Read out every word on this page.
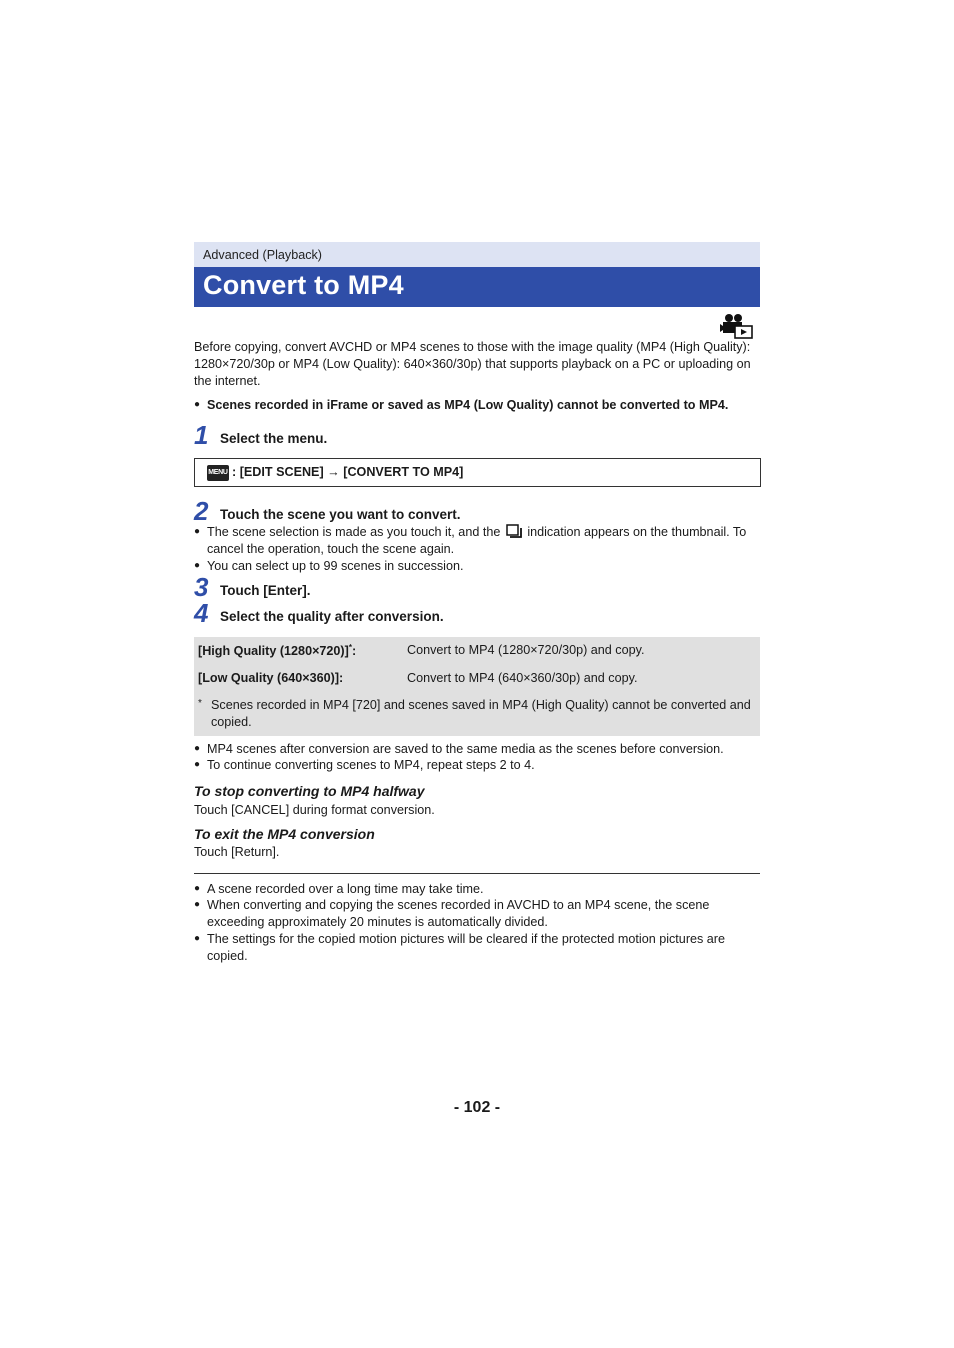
Advanced (Playback)
Convert to MP4
Before copying, convert AVCHD or MP4 scenes to those with the image quality (MP4 (High Quality): 1280×720/30p or MP4 (Low Quality): 640×360/30p) that supports playback on a PC or uploading on the internet.
● Scenes recorded in iFrame or saved as MP4 (Low Quality) cannot be converted to MP4.
1 Select the menu.
MENU : [EDIT SCENE] → [CONVERT TO MP4]
2 Touch the scene you want to convert.
● The scene selection is made as you touch it, and the indication appears on the thumbnail. To
cancel the operation, touch the scene again.
● You can select up to 99 scenes in succession.
3 Touch [Enter].
4 Select the quality after conversion.
[High Quality (1280×720)]*:	Convert to MP4 (1280×720/30p) and copy.
[Low Quality (640×360)]:	Convert to MP4 (640×360/30p) and copy.
* Scenes recorded in MP4 [720] and scenes saved in MP4 (High Quality) cannot be converted and copied.
● MP4 scenes after conversion are saved to the same media as the scenes before conversion.
● To continue converting scenes to MP4, repeat steps 2 to 4.
To stop converting to MP4 halfway
Touch [CANCEL] during format conversion.
To exit the MP4 conversion
Touch [Return].
● A scene recorded over a long time may take time.
● When converting and copying the scenes recorded in AVCHD to an MP4 scene, the scene exceeding approximately 20 minutes is automatically divided.
● The settings for the copied motion pictures will be cleared if the protected motion pictures are copied.
- 102 -
